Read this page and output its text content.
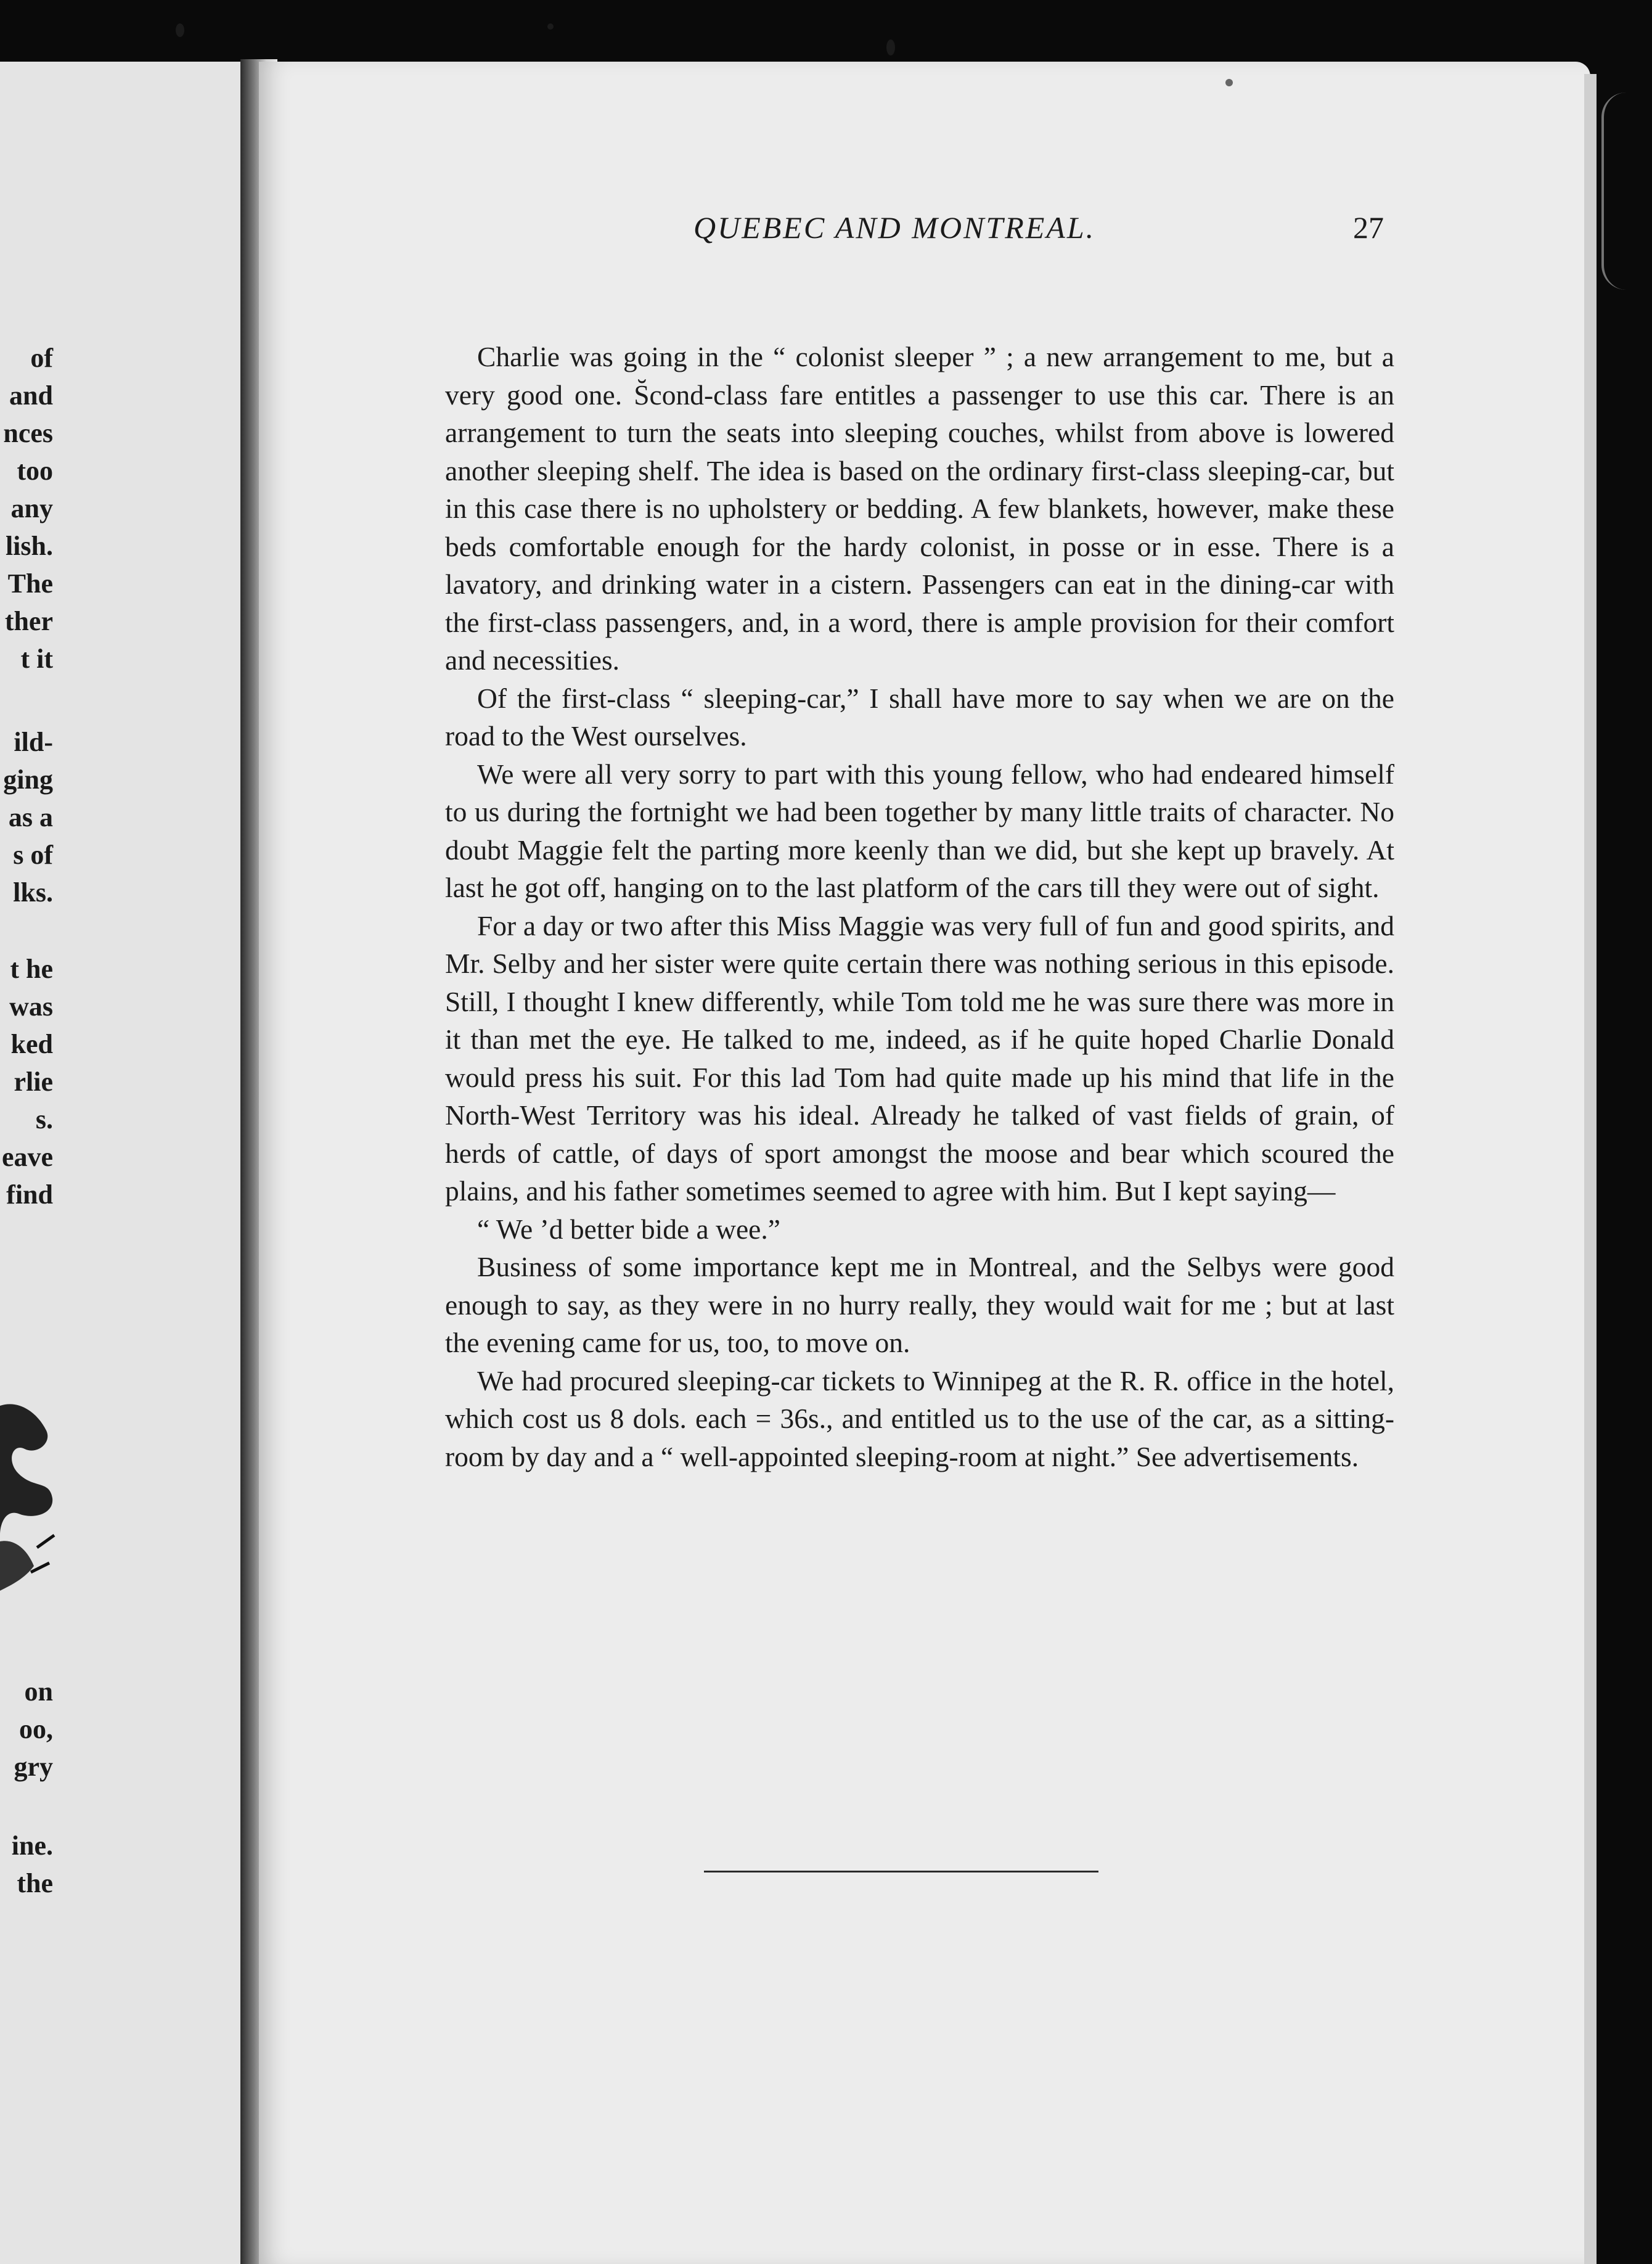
of
and
nces
too
any
lish.
The
ther
t it
ild-
ging
as a
s of
lks.
t he
was
ked
rlie
s.
eave
find
on
oo,
gry
ine.
the
QUEBEC AND MONTREAL.	27

Charlie was going in the “ colonist sleeper ” ; a new arrangement to me, but a very good one. S̆cond-class fare entitles a passenger to use this car. There is an arrangement to turn the seats into sleeping couches, whilst from above is lowered another sleeping shelf. The idea is based on the ordinary first-class sleeping-car, but in this case there is no upholstery or bedding. A few blankets, however, make these beds comfortable enough for the hardy colonist, in posse or in esse. There is a lavatory, and drinking water in a cistern. Passengers can eat in the dining-car with the first-class passengers, and, in a word, there is ample provision for their comfort and necessities.

Of the first-class “ sleeping-car,” I shall have more to say when we are on the road to the West ourselves.

We were all very sorry to part with this young fellow, who had endeared himself to us during the fortnight we had been together by many little traits of character. No doubt Maggie felt the parting more keenly than we did, but she kept up bravely. At last he got off, hanging on to the last platform of the cars till they were out of sight.

For a day or two after this Miss Maggie was very full of fun and good spirits, and Mr. Selby and her sister were quite certain there was nothing serious in this episode. Still, I thought I knew differently, while Tom told me he was sure there was more in it than met the eye. He talked to me, indeed, as if he quite hoped Charlie Donald would press his suit. For this lad Tom had quite made up his mind that life in the North-West Territory was his ideal. Already he talked of vast fields of grain, of herds of cattle, of days of sport amongst the moose and bear which scoured the plains, and his father sometimes seemed to agree with him. But I kept saying—

“ We ’d better bide a wee.”

Business of some importance kept me in Montreal, and the Selbys were good enough to say, as they were in no hurry really, they would wait for me ; but at last the evening came for us, too, to move on.

We had procured sleeping-car tickets to Winnipeg at the R. R. office in the hotel, which cost us 8 dols. each = 36s., and entitled us to the use of the car, as a sitting-room by day and a “ well-appointed sleeping-room at night.” See advertisements.
